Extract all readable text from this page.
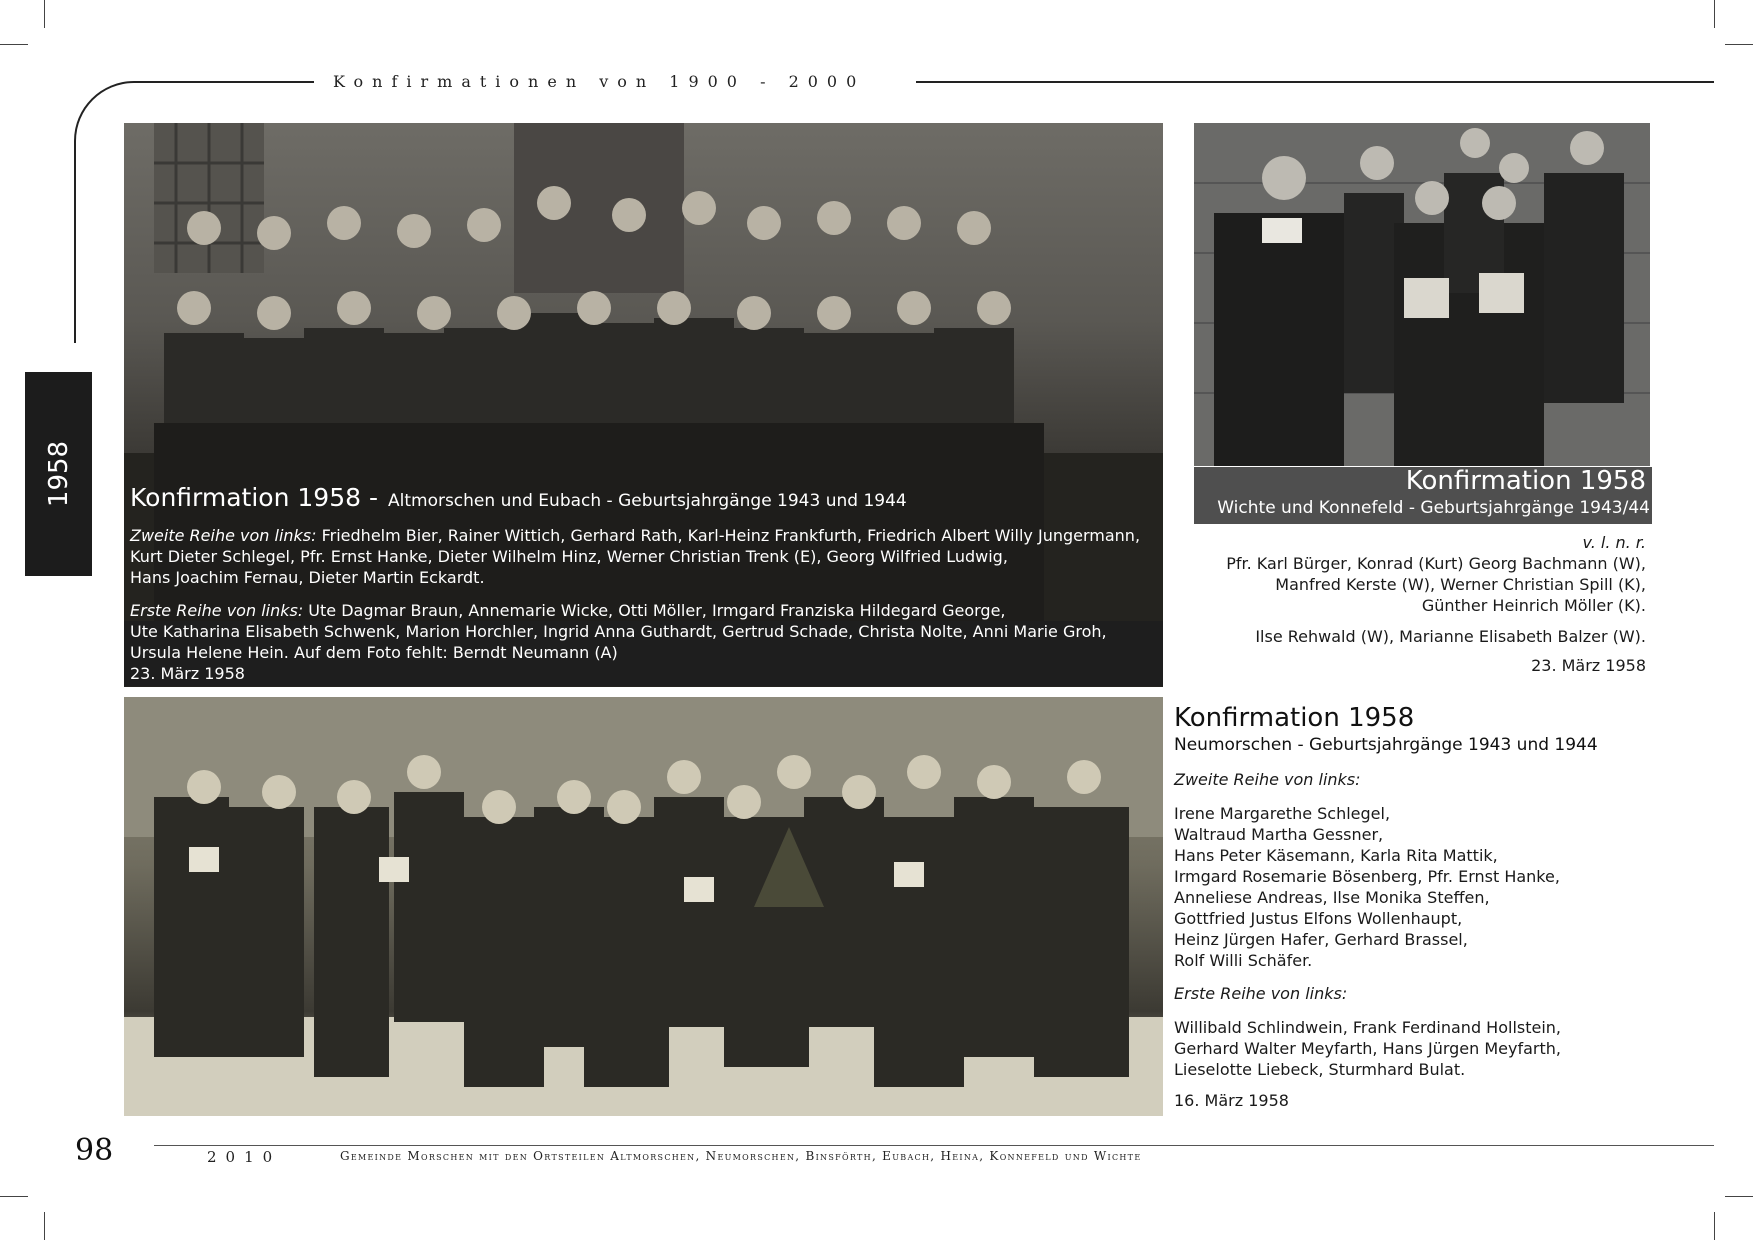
Konfirmationen von 1900 - 2000
1958 Konfirmation 1958 - Altmorschen und Eubach - Geburtsjahrgänge 1943 und 1944
Zweite Reihe von links: Friedhelm Bier, Rainer Wittich, Gerhard Rath, Karl-Heinz Frankfurth, Friedrich Albert Willy Jungermann,
Kurt Dieter Schlegel, Pfr. Ernst Hanke, Dieter Wilhelm Hinz, Werner Christian Trenk (E), Georg Wilfried Ludwig,
Hans Joachim Fernau, Dieter Martin Eckardt.
Erste Reihe von links: Ute Dagmar Braun, Annemarie Wicke, Otti Möller, Irmgard Franziska Hildegard George,
Ute Katharina Elisabeth Schwenk, Marion Horchler, Ingrid Anna Guthardt, Gertrud Schade, Christa Nolte, Anni Marie Groh,
Ursula Helene Hein. Auf dem Foto fehlt: Berndt Neumann (A)
23. März 1958
Konfirmation 1958
Wichte und Konnefeld - Geburtsjahrgänge 1943/44
v. l. n. r.
Pfr. Karl Bürger, Konrad (Kurt) Georg Bachmann (W),
Manfred Kerste (W), Werner Christian Spill (K),
Günther Heinrich Möller (K).
Ilse Rehwald (W), Marianne Elisabeth Balzer (W).
23. März 1958
Konfirmation 1958
Neumorschen - Geburtsjahrgänge 1943 und 1944
Zweite Reihe von links:
Irene Margarethe Schlegel,
Waltraud Martha Gessner,
Hans Peter Käsemann, Karla Rita Mattik,
Irmgard Rosemarie Bösenberg, Pfr. Ernst Hanke,
Anneliese Andreas, Ilse Monika Steffen,
Gottfried Justus Elfons Wollenhaupt,
Heinz Jürgen Hafer, Gerhard Brassel,
Rolf Willi Schäfer.
Erste Reihe von links:
Willibald Schlindwein, Frank Ferdinand Hollstein,
Gerhard Walter Meyfarth, Hans Jürgen Meyfarth,
Lieselotte Liebeck, Sturmhard Bulat.
16. März 1958
98	2010	Gemeinde Morschen mit den Ortsteilen Altmorschen, Neumorschen, Binsförth, Eubach, Heina, Konnefeld und Wichte
